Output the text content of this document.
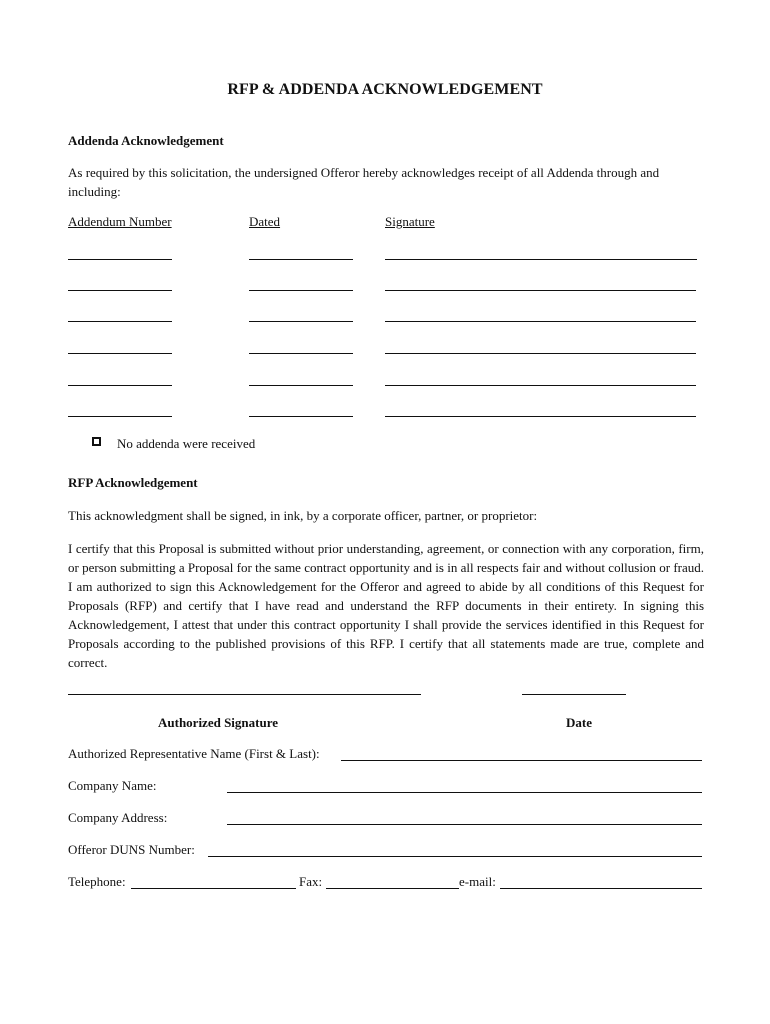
RFP & ADDENDA ACKNOWLEDGEMENT
Addenda Acknowledgement
As required by this solicitation, the undersigned Offeror hereby acknowledges receipt of all Addenda through and including:
Addendum Number	Dated	Signature
No addenda were received
RFP Acknowledgement
This acknowledgment shall be signed, in ink, by a corporate officer, partner, or proprietor:
I certify that this Proposal is submitted without prior understanding, agreement, or connection with any corporation, firm, or person submitting a Proposal for the same contract opportunity and is in all respects fair and without collusion or fraud. I am authorized to sign this Acknowledgement for the Offeror and agreed to abide by all conditions of this Request for Proposals (RFP) and certify that I have read and understand the RFP documents in their entirety. In signing this Acknowledgement, I attest that under this contract opportunity I shall provide the services identified in this Request for Proposals according to the published provisions of this RFP. I certify that all statements made are true, complete and correct.
Authorized Signature	Date
Authorized Representative Name (First & Last):
Company Name:
Company Address:
Offeror DUNS Number:
Telephone:	Fax:	e-mail:
